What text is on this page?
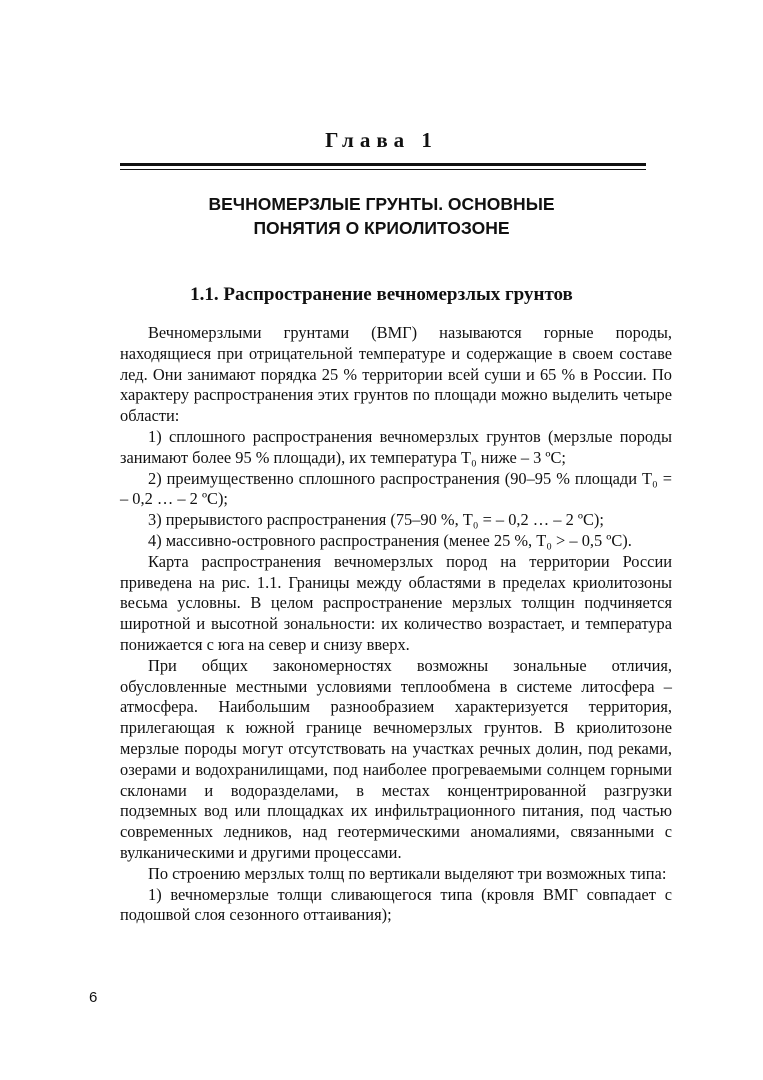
Глава 1
ВЕЧНОМЕРЗЛЫЕ ГРУНТЫ. ОСНОВНЫЕ
ПОНЯТИЯ О КРИОЛИТОЗОНЕ
1.1. Распространение вечномерзлых грунтов

Вечномерзлыми грунтами (ВМГ) называются горные породы, находящиеся при отрицательной температуре и содержащие в своем составе лед. Они занимают порядка 25 % территории всей суши и 65 % в России. По характеру распространения этих грунтов по площади можно выделить четыре области:

1) сплошного распространения вечномерзлых грунтов (мерзлые породы занимают более 95 % площади), их температура T₀ ниже – 3 ºС;

2) преимущественно сплошного распространения (90–95 % площади T₀ = – 0,2 … – 2 ºС);

3) прерывистого распространения (75–90 %, T₀ = – 0,2 … – 2 ºС);

4) массивно-островного распространения (менее 25 %, T₀ > – 0,5 ºС).

Карта распространения вечномерзлых пород на территории России приведена на рис. 1.1. Границы между областями в пределах криолитозоны весьма условны. В целом распространение мерзлых толщин подчиняется широтной и высотной зональности: их количество возрастает, и температура понижается с юга на север и снизу вверх.

При общих закономерностях возможны зональные отличия, обусловленные местными условиями теплообмена в системе литосфера – атмосфера. Наибольшим разнообразием характеризуется территория, прилегающая к южной границе вечномерзлых грунтов. В криолитозоне мерзлые породы могут отсутствовать на участках речных долин, под реками, озерами и водохранилищами, под наиболее прогреваемыми солнцем горными склонами и водоразделами, в местах концентрированной разгрузки подземных вод или площадках их инфильтрационного питания, под частью современных ледников, над геотермическими аномалиями, связанными с вулканическими и другими процессами.

По строению мерзлых толщ по вертикали выделяют три возможных типа:

1) вечномерзлые толщи сливающегося типа (кровля ВМГ совпадает с подошвой слоя сезонного оттаивания);

6
